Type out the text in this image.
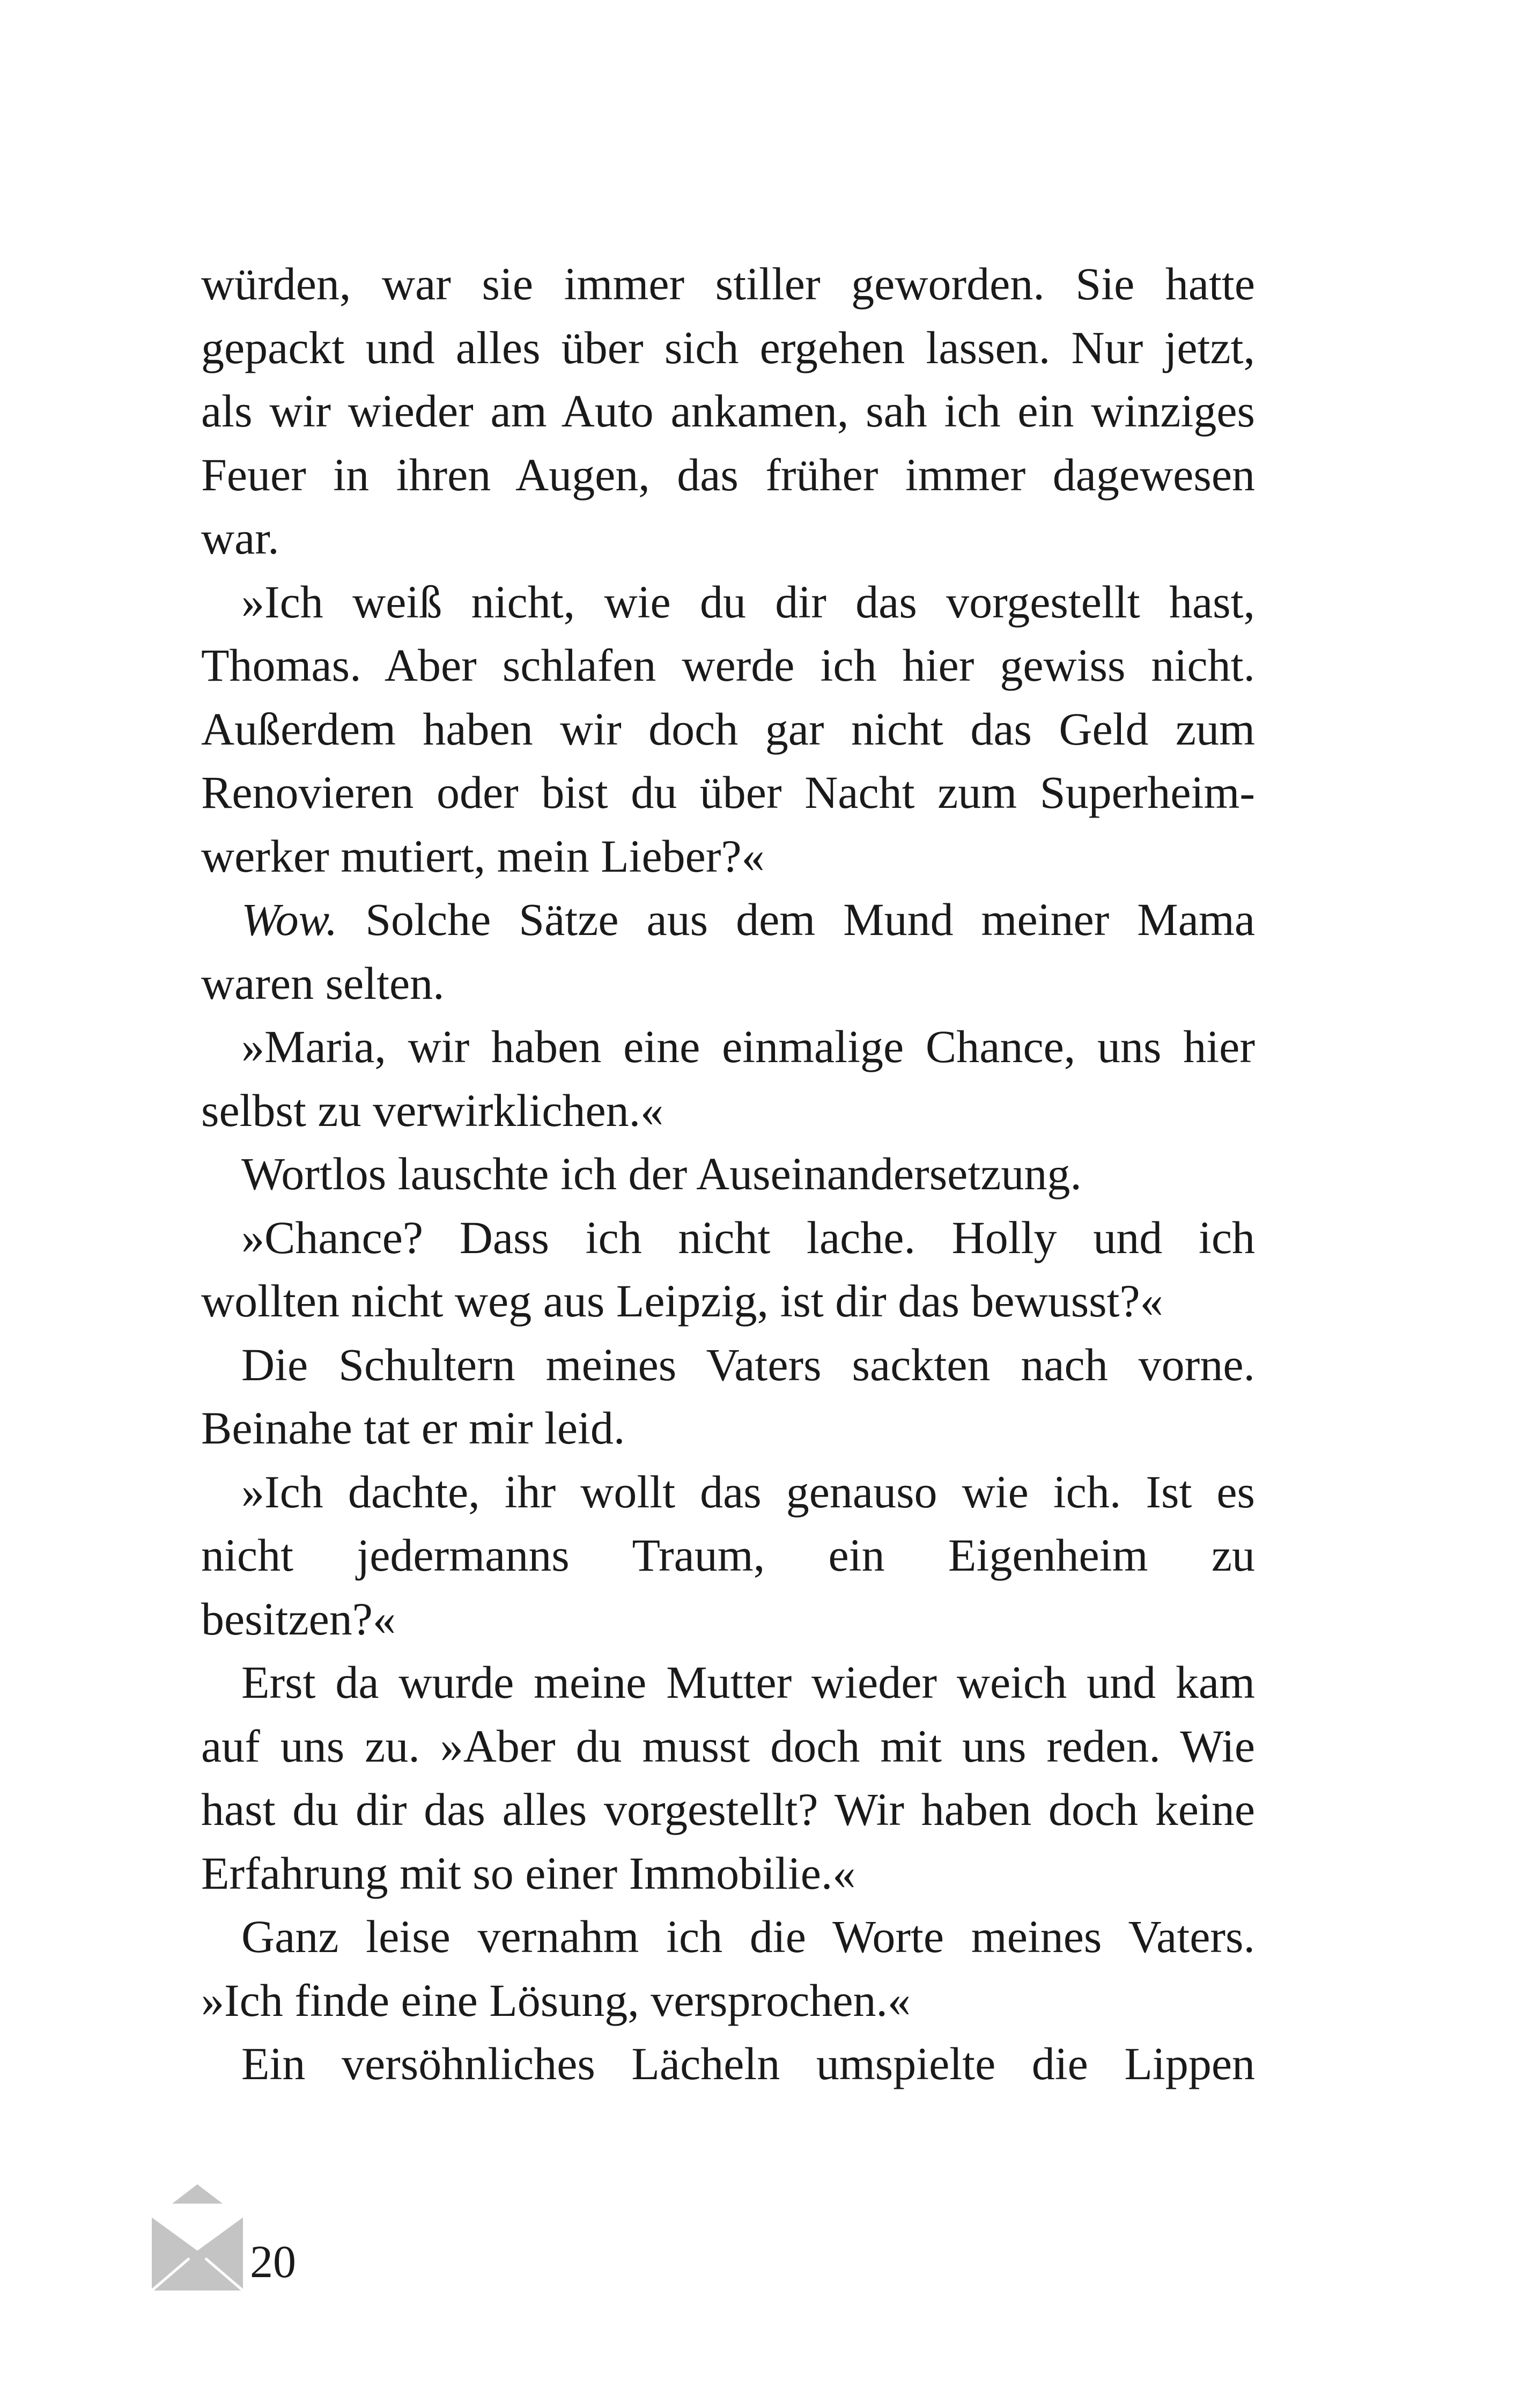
würden, war sie immer stiller geworden. Sie hatte
gepackt und alles über sich ergehen lassen. Nur jetzt,
als wir wieder am Auto ankamen, sah ich ein winziges
Feuer in ihren Augen, das früher immer dagewesen
war.
»Ich weiß nicht, wie du dir das vorgestellt hast,
Thomas. Aber schlafen werde ich hier gewiss nicht.
Außerdem haben wir doch gar nicht das Geld zum
Renovieren oder bist du über Nacht zum Superheim-
werker mutiert, mein Lieber?«
Wow. Solche Sätze aus dem Mund meiner Mama
waren selten.
»Maria, wir haben eine einmalige Chance, uns hier
selbst zu verwirklichen.«
Wortlos lauschte ich der Auseinandersetzung.
»Chance? Dass ich nicht lache. Holly und ich
wollten nicht weg aus Leipzig, ist dir das bewusst?«
Die Schultern meines Vaters sackten nach vorne.
Beinahe tat er mir leid.
»Ich dachte, ihr wollt das genauso wie ich. Ist es
nicht jedermanns Traum, ein Eigenheim zu
besitzen?«
Erst da wurde meine Mutter wieder weich und kam
auf uns zu. »Aber du musst doch mit uns reden. Wie
hast du dir das alles vorgestellt? Wir haben doch keine
Erfahrung mit so einer Immobilie.«
Ganz leise vernahm ich die Worte meines Vaters.
»Ich finde eine Lösung, versprochen.«
Ein versöhnliches Lächeln umspielte die Lippen
20
